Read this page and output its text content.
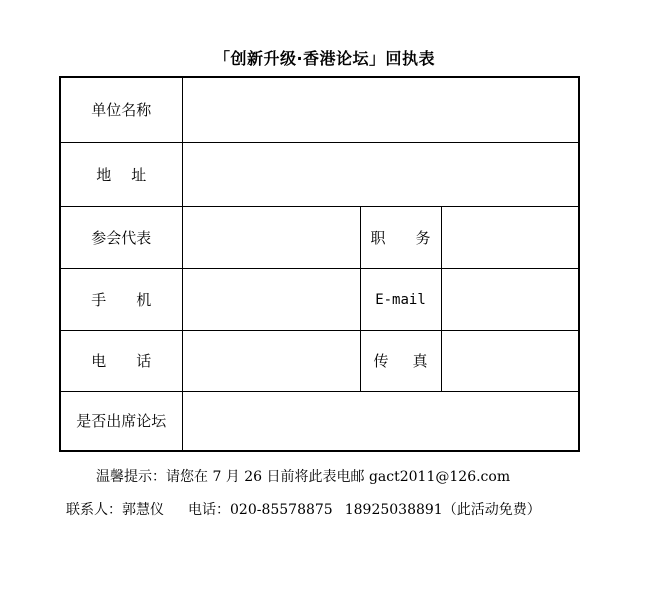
「创新升级·香港论坛」回执表
单位名称			
地址			
参会代表		职务	
手机		E-mail	
电话		传真	
是否出席论坛			
温馨提示：请您在 7 月 26 日前将此表电邮 gact2011@126.com
联系人：郭慧仪 电话：020-85578875 18925038891（此活动免费）
